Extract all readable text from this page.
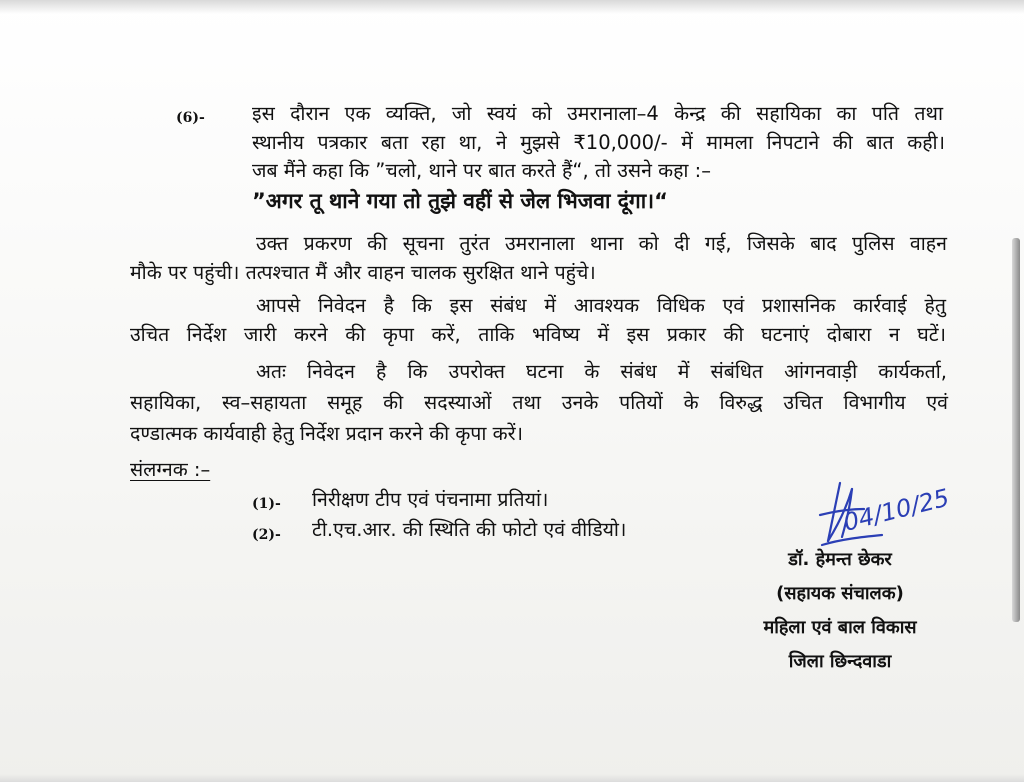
(6)- इस दौरान एक व्यक्ति, जो स्वयं को उमरानाला–4 केन्द्र की सहायिका का पति तथा
स्थानीय पत्रकार बता रहा था, ने मुझसे ₹10,000/- में मामला निपटाने की बात कही।
जब मैंने कहा कि ”चलो, थाने पर बात करते हैं“, तो उसने कहा :–
”अगर तू थाने गया तो तुझे वहीं से जेल भिजवा दूंगा।“
उक्त प्रकरण की सूचना तुरंत उमरानाला थाना को दी गई, जिसके बाद पुलिस वाहन
मौके पर पहुंची। तत्पश्चात मैं और वाहन चालक सुरक्षित थाने पहुंचे।
आपसे निवेदन है कि इस संबंध में आवश्यक विधिक एवं प्रशासनिक कार्रवाई हेतु
उचित निर्देश जारी करने की कृपा करें, ताकि भविष्य में इस प्रकार की घटनाएं दोबारा न घटें।
अतः निवेदन है कि उपरोक्त घटना के संबंध में संबंधित आंगनवाड़ी कार्यकर्ता,
सहायिका, स्व–सहायता समूह की सदस्याओं तथा उनके पतियों के विरुद्ध उचित विभागीय एवं
दण्डात्मक कार्यवाही हेतु निर्देश प्रदान करने की कृपा करें।
संलग्नक :–
(1)- निरीक्षण टीप एवं पंचनामा प्रतियां।
(2)- टी.एच.आर. की स्थिति की फोटो एवं वीडियो।	04/10/25
डॉ. हेमन्त छेकर
(सहायक संचालक)
महिला एवं बाल विकास
जिला छिन्दवाडा
